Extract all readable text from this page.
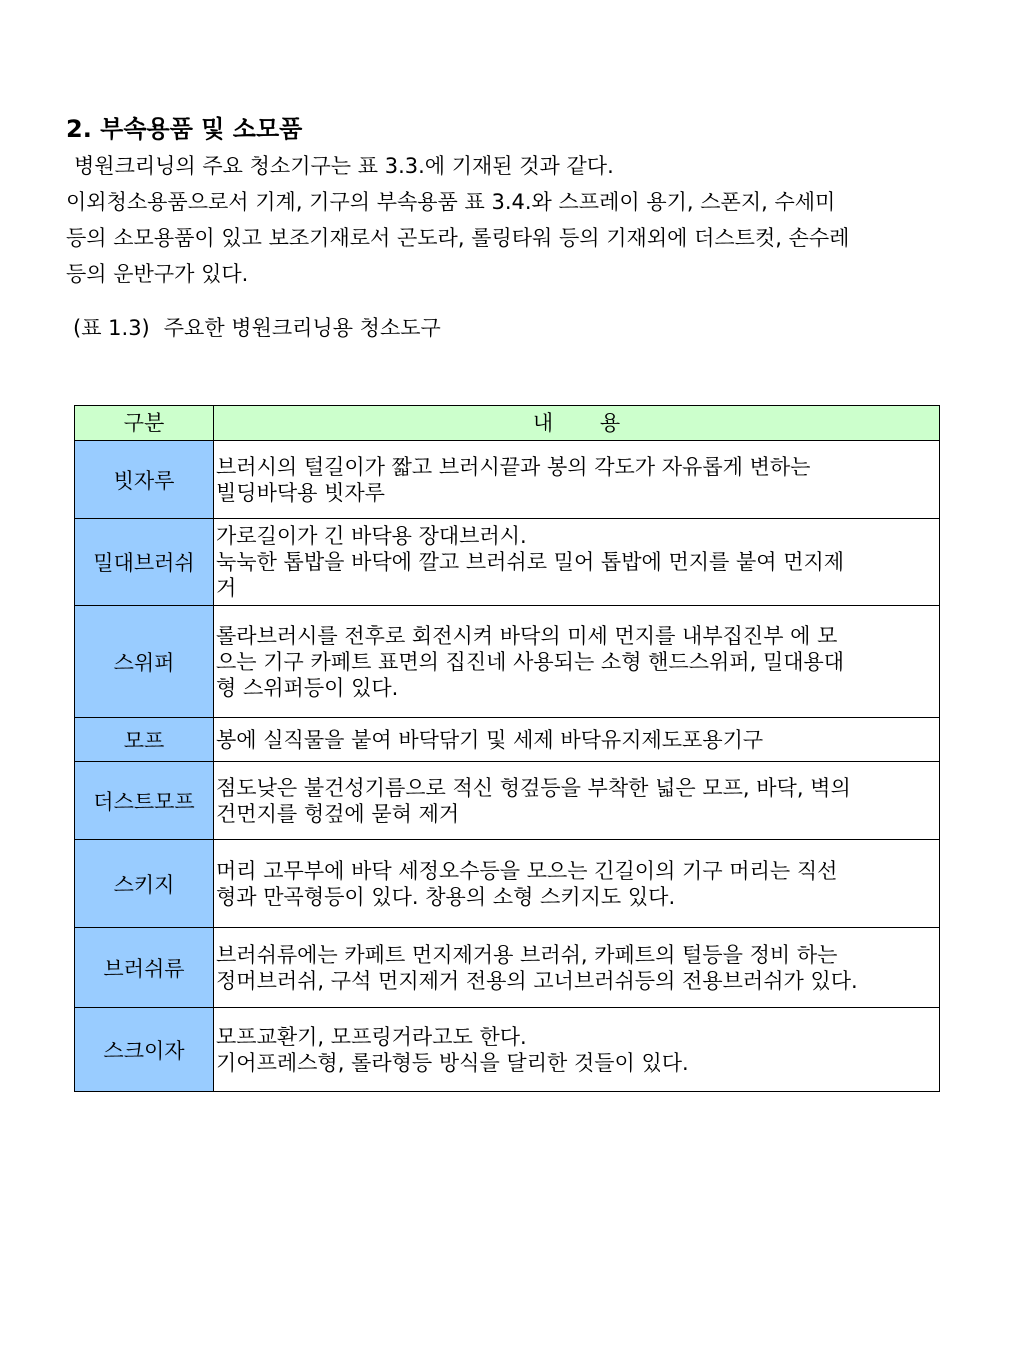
2. 부속용품 및 소모품

병원크리닝의 주요 청소기구는 표 3.3.에 기재된 것과 같다.
이외청소용품으로서 기계, 기구의 부속용품 표 3.4.와 스프레이 용기, 스폰지, 수세미
등의 소모용품이 있고 보조기재로서 곤도라, 롤링타워 등의 기재외에 더스트컷, 손수레
등의 운반구가 있다.

(표 1.3) 주요한 병원크리닝용 청소도구

구분	내 용
빗자루	브러시의 털길이가 짧고 브러시끝과 봉의 각도가 자유롭게 변하는
빌딩바닥용 빗자루

밀대브러쉬	가로길이가 긴 바닥용 장대브러시.
눅눅한 톱밥을 바닥에 깔고 브러쉬로 밀어 톱밥에 먼지를 붙여 먼지제
거

스위퍼	롤라브러시를 전후로 회전시켜 바닥의 미세 먼지를 내부집진부 에 모
으는 기구 카페트 표면의 집진네 사용되는 소형 핸드스위퍼, 밀대용대
형 스위퍼등이 있다.

모프	봉에 실직물을 붙여 바닥닦기 및 세제 바닥유지제도포용기구

더스트모프	점도낮은 불건성기름으로 적신 헝겊등을 부착한 넓은 모프, 바닥, 벽의
건먼지를 헝겊에 묻혀 제거

스키지	머리 고무부에 바닥 세정오수등을 모으는 긴길이의 기구 머리는 직선
형과 만곡형등이 있다. 창용의 소형 스키지도 있다.

브러쉬류	브러쉬류에는 카페트 먼지제거용 브러쉬, 카페트의 털등을 정비 하는
정머브러쉬, 구석 먼지제거 전용의 고너브러쉬등의 전용브러쉬가 있다.

스크이자	모프교환기, 모프링거라고도 한다.
기어프레스형, 롤라형등 방식을 달리한 것들이 있다.
